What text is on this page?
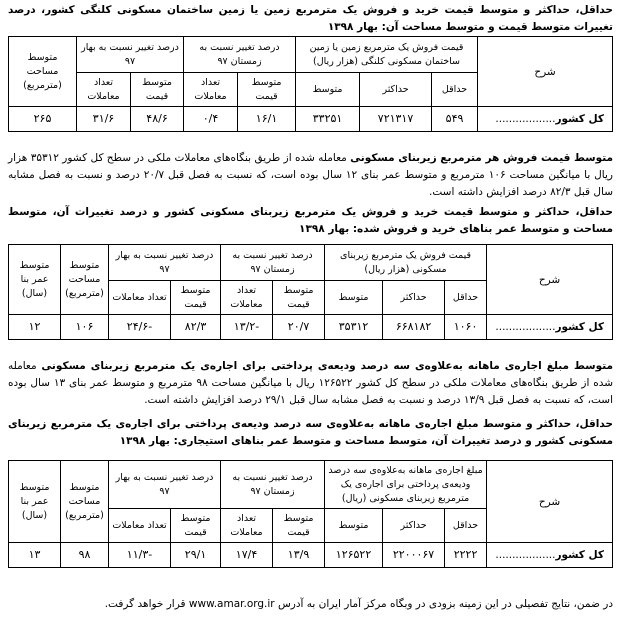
حداقل، حداکثر و متوسط قیمت خرید و فروش یک مترمربع زمین یا زمین ساختمان مسکونی کلنگی کشور، درصد تغییرات متوسط قیمت و متوسط مساحت آن: بهار ۱۳۹۸
شرح	قیمت فروش یک مترمربع زمین یا زمین ساختمان مسکونی کلنگی (هزار ریال)			درصد تغییر نسبت به زمستان ۹۷		درصد تغییر نسبت به بهار ۹۷		متوسط مساحت (مترمربع)
	حداقل	حداکثر	متوسط	متوسط قیمت	تعداد معاملات	متوسط قیمت	تعداد معاملات	
کل کشور..................	۵۴۹	۷۲۱۳۱۷	۳۳۲۵۱	۱۶/۱	۰/۴	۴۸/۶	۳۱/۶	۲۶۵
متوسط قیمت فروش هر مترمربع زیربنای مسکونی معامله شده از طریق بنگاه‌های معاملات ملکی در سطح کل کشور ۳۵۳۱۲ هزار ریال با میانگین مساحت ۱۰۶ مترمربع و متوسط عمر بنای ۱۲ سال بوده است، که نسبت به فصل قبل ۲۰/۷ درصد و نسبت به فصل مشابه سال قبل ۸۲/۳ درصد افزایش داشته است.
حداقل، حداکثر و متوسط قیمت خرید و فروش یک مترمربع زیربنای مسکونی کشور و درصد تغییرات آن، متوسط مساحت و متوسط عمر بناهای خرید و فروش شده: بهار ۱۳۹۸
شرح	قیمت فروش یک مترمربع زیربنای مسکونی (هزار ریال)			درصد تغییر نسبت به زمستان ۹۷		درصد تغییر نسبت به بهار ۹۷		متوسط مساحت (مترمربع)	متوسط عمر بنا (سال)
	حداقل	حداکثر	متوسط	متوسط قیمت	تعداد معاملات	متوسط قیمت	تعداد معاملات		
کل کشور..................	۱۰۶۰	۶۶۸۱۸۲	۳۵۳۱۲	۲۰/۷	-۱۳/۲	۸۲/۳	-۲۴/۶	۱۰۶	۱۲
متوسط مبلغ اجاره‌ی ماهانه به‌علاوه‌ی سه درصد ودیعه‌ی پرداختی برای اجاره‌ی یک مترمربع زیربنای مسکونی معامله شده از طریق بنگاه‌های معاملات ملکی در سطح کل کشور ۱۲۶۵۲۲ ریال با میانگین مساحت ۹۸ مترمربع و متوسط عمر بنای ۱۳ سال بوده است، که نسبت به فصل قبل ۱۳/۹ درصد و نسبت به فصل مشابه سال قبل ۲۹/۱ درصد افزایش داشته است.
حداقل، حداکثر و متوسط مبلغ اجاره‌ی ماهانه به‌علاوه‌ی سه درصد ودیعه‌ی پرداختی برای اجاره‌ی یک مترمربع زیربنای مسکونی کشور و درصد تغییرات آن، متوسط مساحت و متوسط عمر بناهای استیجاری: بهار ۱۳۹۸
شرح	مبلغ اجاره‌ی ماهانه به‌علاوه‌ی سه درصد ودیعه‌ی پرداختی برای اجاره‌ی یک مترمربع زیربنای مسکونی (ریال)			درصد تغییر نسبت به زمستان ۹۷		درصد تغییر نسبت به بهار ۹۷		متوسط مساحت (مترمربع)	متوسط عمر بنا (سال)
	حداقل	حداکثر	متوسط	متوسط قیمت	تعداد معاملات	متوسط قیمت	تعداد معاملات		
کل کشور..................	۲۲۲۲	۲۲۰۰۰۶۷	۱۲۶۵۲۲	۱۳/۹	۱۷/۴	۲۹/۱	-۱۱/۳	۹۸	۱۳
در ضمن، نتایج تفصیلی در این زمینه بزودی در وبگاه مرکز آمار ایران به آدرس www.amar.org.ir قرار خواهد گرفت.
